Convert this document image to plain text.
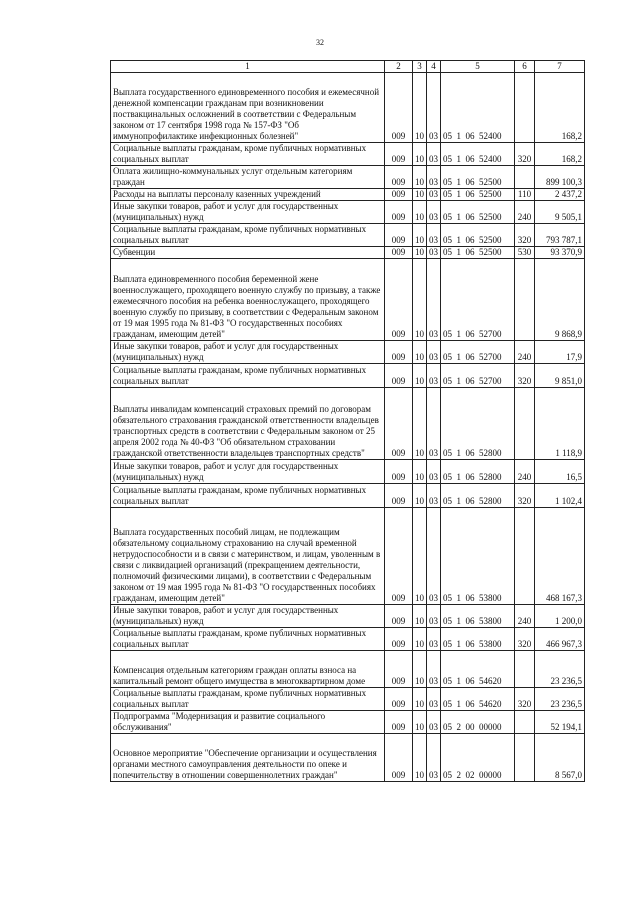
32
1	2	3	4	5	6	7
Выплата государственного единовременного пособия и ежемесячной денежной компенсации гражданам при возникновении поствакцинальных осложнений в соответствии с Федеральным законом от 17 сентября 1998 года № 157-ФЗ "Об иммунопрофилактике инфекционных болезней"	009	10	03	05  1  06  52400		168,2
Социальные выплаты гражданам, кроме публичных нормативных социальных выплат	009	10	03	05  1  06  52400	320	168,2
Оплата жилищно-коммунальных услуг отдельным категориям граждан	009	10	03	05  1  06  52500		899 100,3
Расходы на выплаты персоналу казенных учреждений	009	10	03	05  1  06  52500	110	2 437,2
Иные закупки товаров, работ и услуг для государственных (муниципальных) нужд	009	10	03	05  1  06  52500	240	9 505,1
Социальные выплаты гражданам, кроме публичных нормативных социальных выплат	009	10	03	05  1  06  52500	320	793 787,1
Субвенции	009	10	03	05  1  06  52500	530	93 370,9
Выплата единовременного пособия беременной жене военнослужащего, проходящего военную службу по призыву, а также ежемесячного пособия на ребенка военнослужащего, проходящего военную службу по призыву, в соответствии с Федеральным законом от 19 мая 1995 года № 81-ФЗ "О государственных пособиях гражданам, имеющим детей"	009	10	03	05  1  06  52700		9 868,9
Иные закупки товаров, работ и услуг для государственных (муниципальных) нужд	009	10	03	05  1  06  52700	240	17,9
Социальные выплаты гражданам, кроме публичных нормативных социальных выплат	009	10	03	05  1  06  52700	320	9 851,0
Выплаты инвалидам компенсаций страховых премий по договорам обязательного страхования гражданской ответственности владельцев транспортных средств в соответствии с Федеральным законом от 25 апреля 2002 года № 40-ФЗ "Об обязательном страховании гражданской ответственности владельцев транспортных средств"	009	10	03	05  1  06  52800		1 118,9
Иные закупки товаров, работ и услуг для государственных (муниципальных) нужд	009	10	03	05  1  06  52800	240	16,5
Социальные выплаты гражданам, кроме публичных нормативных социальных выплат	009	10	03	05  1  06  52800	320	1 102,4
Выплата государственных пособий лицам, не подлежащим обязательному социальному страхованию на случай временной нетрудоспособности и в связи с материнством, и лицам, уволенным в связи с ликвидацией организаций (прекращением деятельности, полномочий физическими лицами), в соответствии с Федеральным законом от 19 мая 1995 года № 81-ФЗ "О государственных пособиях гражданам, имеющим детей"	009	10	03	05  1  06  53800		468 167,3
Иные закупки товаров, работ и услуг для государственных (муниципальных) нужд	009	10	03	05  1  06  53800	240	1 200,0
Социальные выплаты гражданам, кроме публичных нормативных социальных выплат	009	10	03	05  1  06  53800	320	466 967,3
Компенсация отдельным категориям граждан оплаты взноса на капитальный ремонт общего имущества в многоквартирном доме	009	10	03	05  1  06  54620		23 236,5
Социальные выплаты гражданам, кроме публичных нормативных социальных выплат	009	10	03	05  1  06  54620	320	23 236,5
Подпрограмма "Модернизация и развитие социального обслуживания"	009	10	03	05  2  00  00000		52 194,1
Основное мероприятие "Обеспечение организации и осуществления органами местного самоуправления деятельности по опеке и попечительству в отношении совершеннолетних граждан"	009	10	03	05  2  02  00000		8 567,0
